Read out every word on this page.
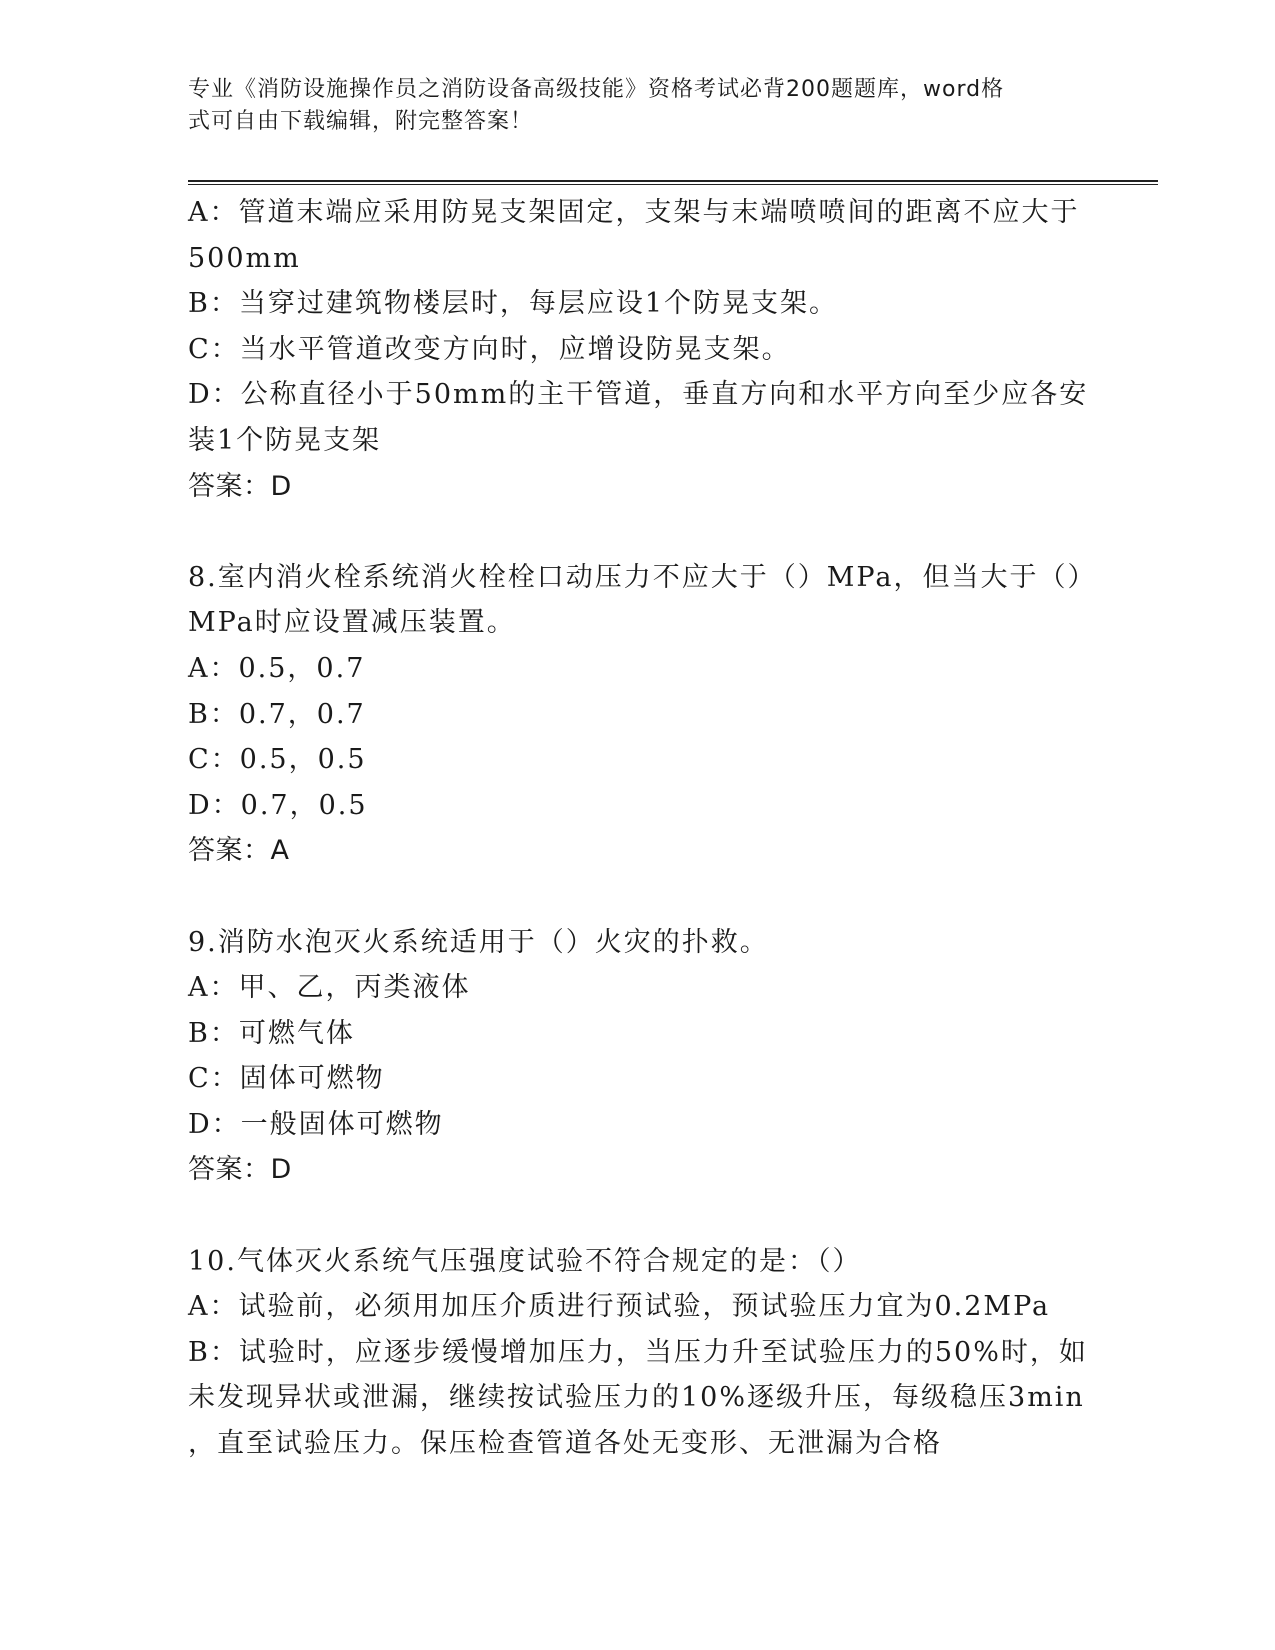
专业《消防设施操作员之消防设备高级技能》资格考试必背200题题库，word格
式可自由下载编辑，附完整答案！

A：管道末端应采用防晃支架固定，支架与末端喷喷间的距离不应大于

500mm

B：当穿过建筑物楼层时，每层应设1个防晃支架。

C：当水平管道改变方向时，应增设防晃支架。

D：公称直径小于50mm的主干管道，垂直方向和水平方向至少应各安

装1个防晃支架

答案：D

8.室内消火栓系统消火栓栓口动压力不应大于（）MPa，但当大于（）

MPa时应设置减压装置。

A：0.5，0.7

B：0.7，0.7

C：0.5，0.5

D：0.7，0.5

答案：A

9.消防水泡灭火系统适用于（）火灾的扑救。

A：甲、乙，丙类液体

B：可燃气体

C：固体可燃物

D：一般固体可燃物

答案：D

10.气体灭火系统气压强度试验不符合规定的是：（）

A：试验前，必须用加压介质进行预试验，预试验压力宜为0.2MPa

B：试验时，应逐步缓慢增加压力，当压力升至试验压力的50%时，如

未发现异状或泄漏，继续按试验压力的10%逐级升压，每级稳压3min

，直至试验压力。保压检查管道各处无变形、无泄漏为合格
